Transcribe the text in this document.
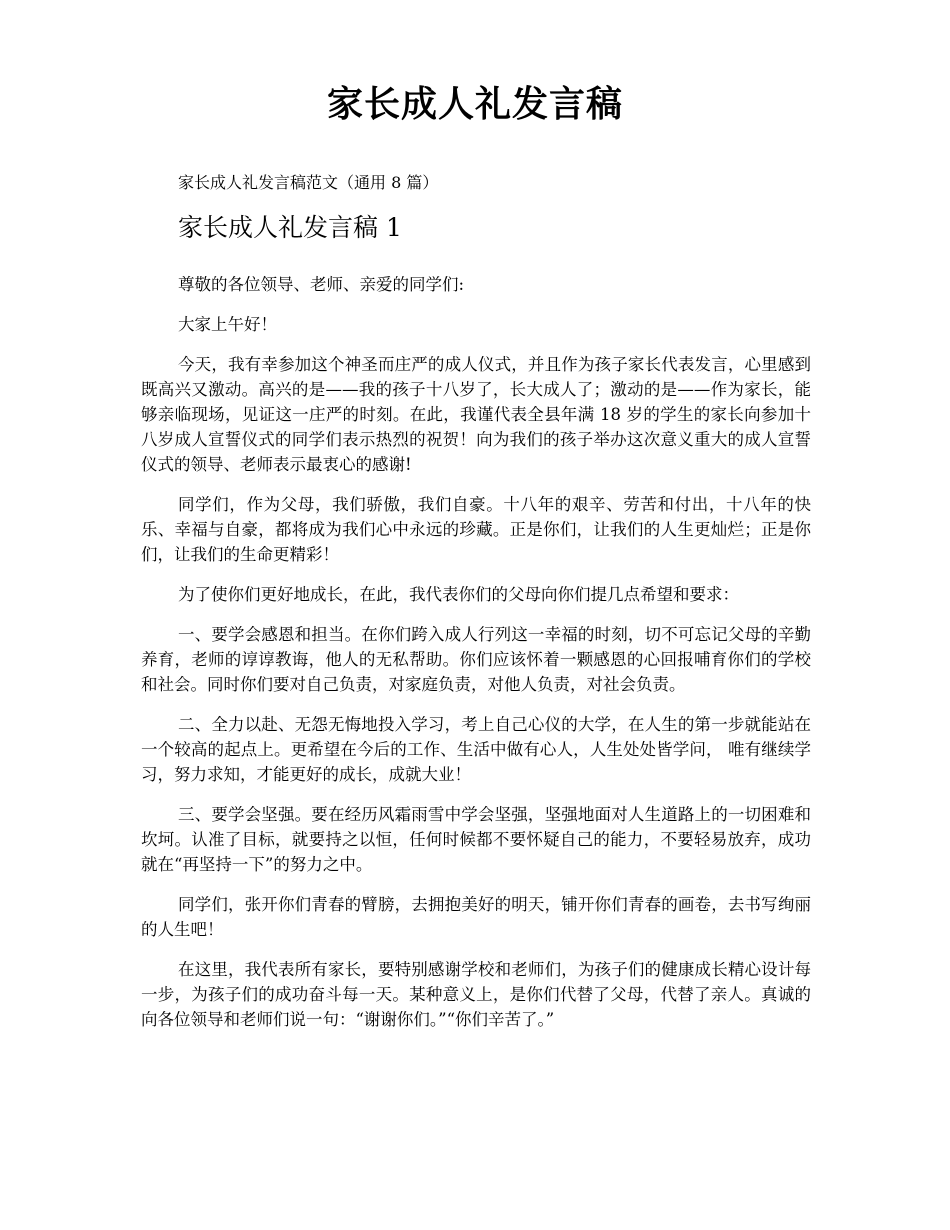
家长成人礼发言稿
家长成人礼发言稿范文（通用 8 篇）
家长成人礼发言稿 1

尊敬的各位领导、老师、亲爱的同学们:

大家上午好！

今天，我有幸参加这个神圣而庄严的成人仪式，并且作为孩子家长代表发言，心里感到既高兴又激动。高兴的是——我的孩子十八岁了，长大成人了；激动的是——作为家长，能够亲临现场，见证这一庄严的时刻。在此，我谨代表全县年满 18 岁的学生的家长向参加十八岁成人宣誓仪式的同学们表示热烈的祝贺！向为我们的孩子举办这次意义重大的成人宣誓仪式的领导、老师表示最衷心的感谢!

同学们，作为父母，我们骄傲，我们自豪。十八年的艰辛、劳苦和付出，十八年的快乐、幸福与自豪，都将成为我们心中永远的珍藏。正是你们，让我们的人生更灿烂；正是你们，让我们的生命更精彩！

为了使你们更好地成长，在此，我代表你们的父母向你们提几点希望和要求：

一、要学会感恩和担当。在你们跨入成人行列这一幸福的时刻，切不可忘记父母的辛勤养育，老师的谆谆教诲，他人的无私帮助。你们应该怀着一颗感恩的心回报哺育你们的学校和社会。同时你们要对自己负责，对家庭负责，对他人负责，对社会负责。

二、全力以赴、无怨无悔地投入学习，考上自己心仪的大学，在人生的第一步就能站在一个较高的起点上。更希望在今后的工作、生活中做有心人，人生处处皆学问， 唯有继续学习，努力求知，才能更好的成长，成就大业！

三、要学会坚强。要在经历风霜雨雪中学会坚强，坚强地面对人生道路上的一切困难和坎坷。认准了目标，就要持之以恒，任何时候都不要怀疑自己的能力，不要轻易放弃，成功就在“再坚持一下”的努力之中。

同学们，张开你们青春的臂膀，去拥抱美好的明天，铺开你们青春的画卷，去书写绚丽的人生吧！

在这里，我代表所有家长，要特别感谢学校和老师们，为孩子们的健康成长精心设计每一步，为孩子们的成功奋斗每一天。某种意义上，是你们代替了父母，代替了亲人。真诚的向各位领导和老师们说一句：“谢谢你们。”“你们辛苦了。”
